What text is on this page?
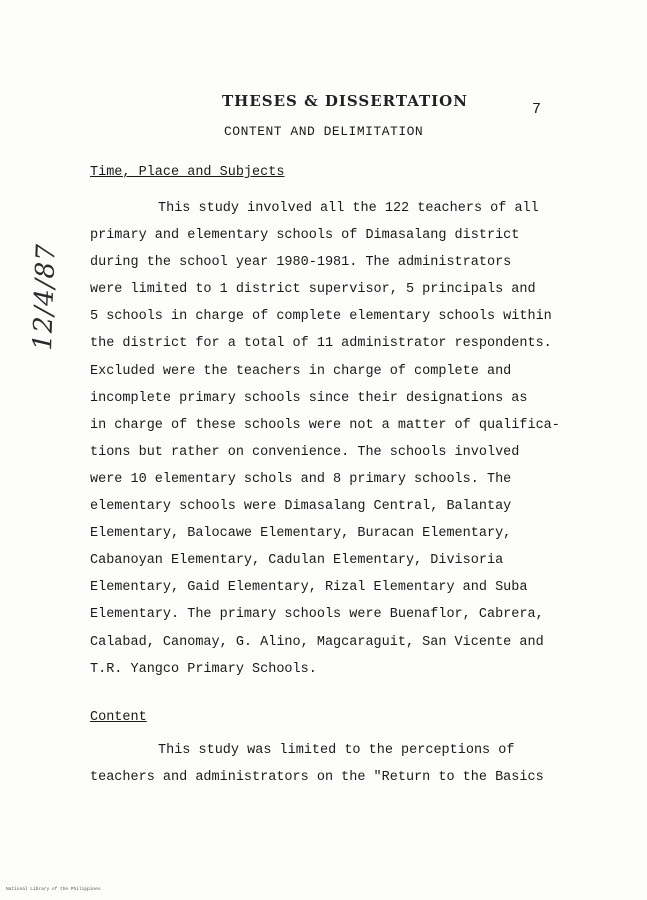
THESES & DISSERTATION	7
CONTENT AND DELIMITATION
Time, Place and Subjects
This study involved all the 122 teachers of all
primary and elementary schools of Dimasalang district
during the school year 1980-1981. The administrators
were limited to 1 district supervisor, 5 principals and
5 schools in charge of complete elementary schools within
the district for a total of 11 administrator respondents.
Excluded were the teachers in charge of complete and
incomplete primary schools since their designations as
in charge of these schools were not a matter of qualifica-
tions but rather on convenience. The schools involved
were 10 elementary schols and 8 primary schools. The
elementary schools were Dimasalang Central, Balantay
Elementary, Balocawe Elementary, Buracan Elementary,
Cabanoyan Elementary, Cadulan Elementary, Divisoria
Elementary, Gaid Elementary, Rizal Elementary and Suba
Elementary. The primary schools were Buenaflor, Cabrera,
Calabad, Canomay, G. Alino, Magcaraguit, San Vicente and
T.R. Yangco Primary Schools.
Content
This study was limited to the perceptions of
teachers and administrators on the "Return to the Basics
12/4/87
National Library of the Philippines
